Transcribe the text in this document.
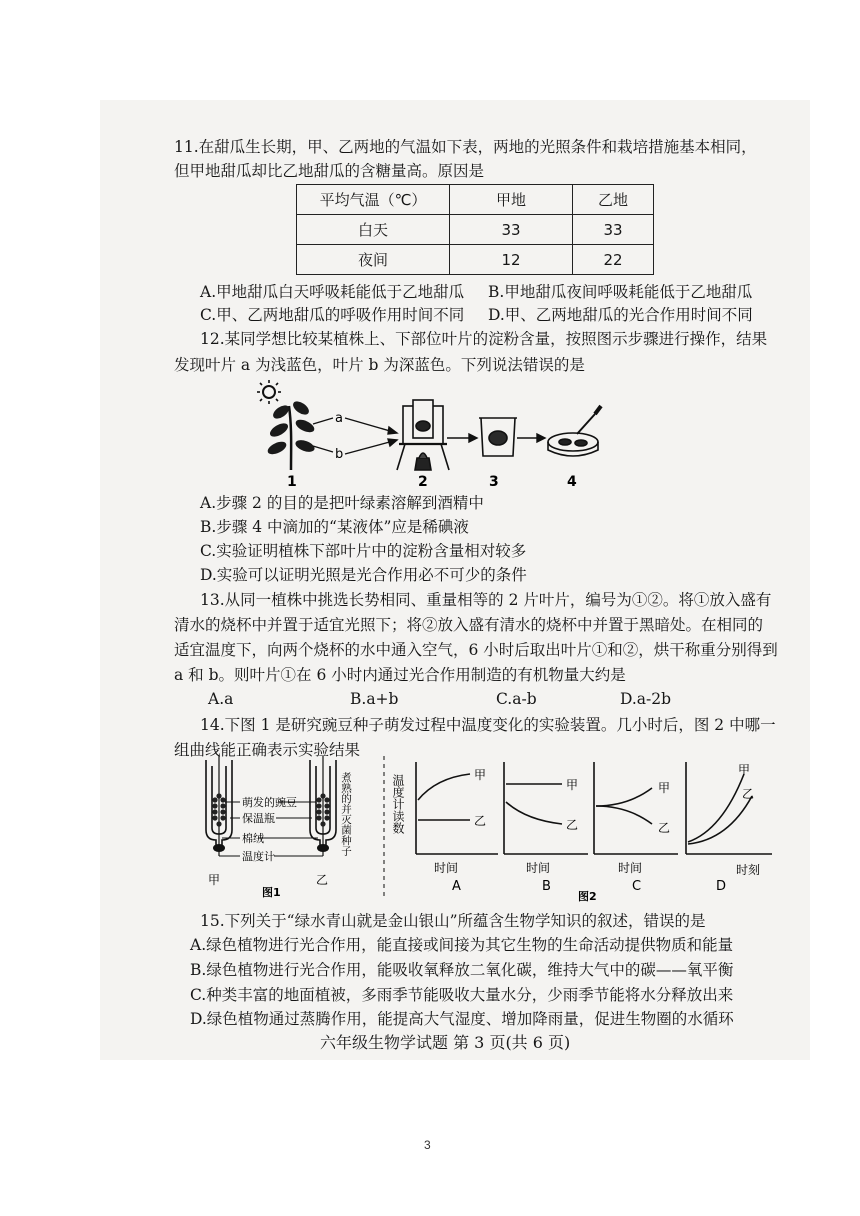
11.在甜瓜生长期，甲、乙两地的气温如下表，两地的光照条件和栽培措施基本相同，
但甲地甜瓜却比乙地甜瓜的含糖量高。原因是
平均气温（℃）	甲地	乙地
白天	33	33
夜间	12	22
A.甲地甜瓜白天呼吸耗能低于乙地甜瓜 B.甲地甜瓜夜间呼吸耗能低于乙地甜瓜
C.甲、乙两地甜瓜的呼吸作用时间不同 D.甲、乙两地甜瓜的光合作用时间不同
12.某同学想比较某植株上、下部位叶片的淀粉含量，按照图示步骤进行操作，结果
发现叶片 a 为浅蓝色，叶片 b 为深蓝色。下列说法错误的是
a
b
1	2	3	4
A.步骤 2 的目的是把叶绿素溶解到酒精中
B.步骤 4 中滴加的“某液体”应是稀碘液
C.实验证明植株下部叶片中的淀粉含量相对较多
D.实验可以证明光照是光合作用必不可少的条件
13.从同一植株中挑选长势相同、重量相等的 2 片叶片，编号为①②。将①放入盛有
清水的烧杯中并置于适宜光照下；将②放入盛有清水的烧杯中并置于黑暗处。在相同的
适宜温度下，向两个烧杯的水中通入空气，6 小时后取出叶片①和②，烘干称重分别得到
a 和 b。则叶片①在 6 小时内通过光合作用制造的有机物量大约是
A.a	B.a+b	C.a-b	D.a-2b
14.下图 1 是研究豌豆种子萌发过程中温度变化的实验装置。几小时后，图 2 中哪一
组曲线能正确表示实验结果
萌发的豌豆
保温瓶
棉绒
温度计
煮熟的并灭菌种子
甲	乙
图1
温度计读数	甲
乙
时间
A
甲
乙
时间
B
甲
乙
时间
C
甲
乙
时刻
D
图2
15.下列关于“绿水青山就是金山银山”所蕴含生物学知识的叙述，错误的是
A.绿色植物进行光合作用，能直接或间接为其它生物的生命活动提供物质和能量
B.绿色植物进行光合作用，能吸收氧释放二氧化碳，维持大气中的碳——氧平衡
C.种类丰富的地面植被，多雨季节能吸收大量水分，少雨季节能将水分释放出来
D.绿色植物通过蒸腾作用，能提高大气湿度、增加降雨量，促进生物圈的水循环
六年级生物学试题 第 3 页(共 6 页)
3
